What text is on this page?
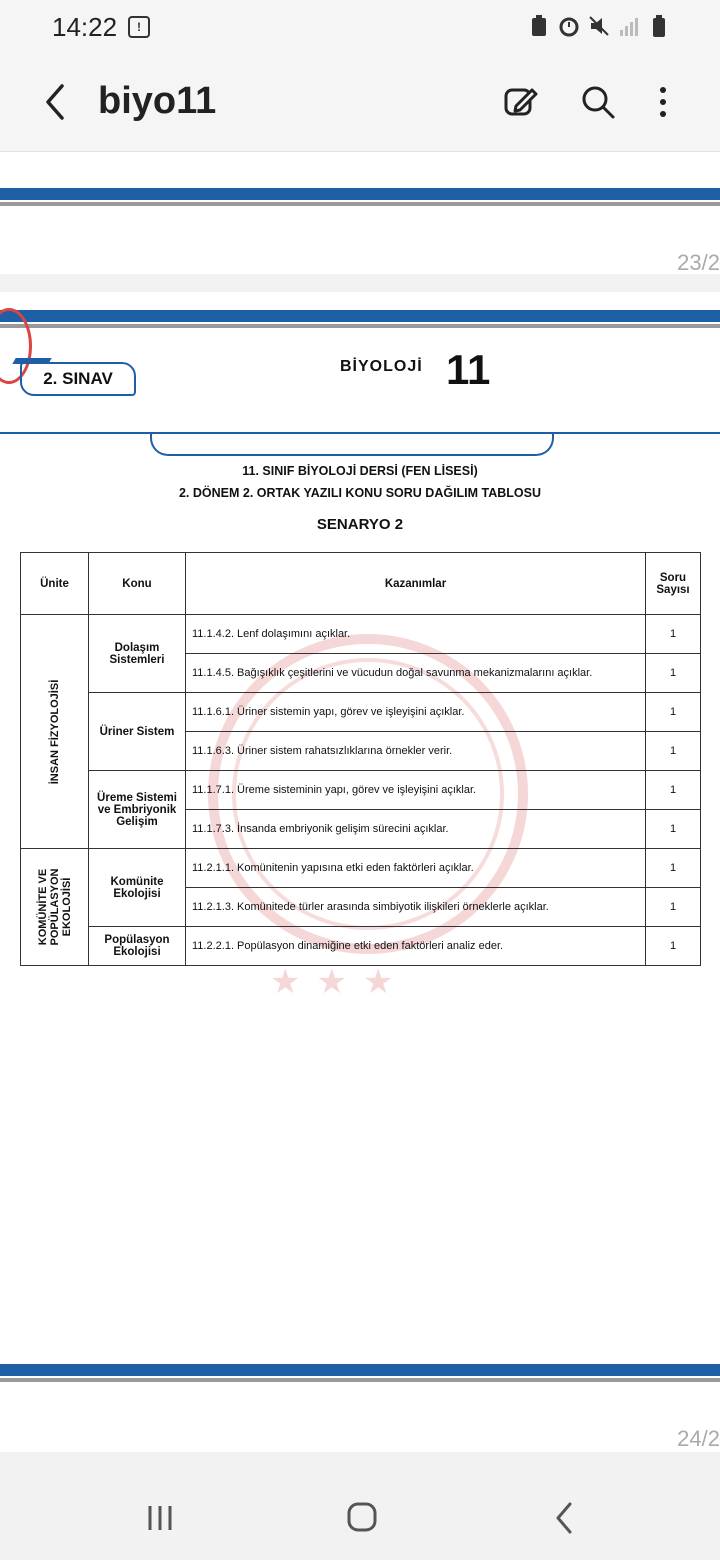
14:22	!
biyo11
23/2
★★★
2. SINAV
BİYOLOJİ 11
11. SINIF BİYOLOJİ DERSİ (FEN LİSESİ)
2. DÖNEM 2. ORTAK YAZILI KONU SORU DAĞILIM TABLOSU
SENARYO 2
Ünite	Konu	Kazanımlar	Soru Sayısı

İNSAN FİZYOLOJİSİ	Dolaşım Sistemleri	11.1.4.2. Lenf dolaşımını açıklar.	1
		11.1.4.5. Bağışıklık çeşitlerini ve vücudun doğal savunma mekanizmalarını açıklar.	1
	Üriner Sistem	11.1.6.1. Üriner sistemin yapı, görev ve işleyişini açıklar.	1
		11.1.6.3. Üriner sistem rahatsızlıklarına örnekler verir.	1
	Üreme Sistemi ve Embriyonik Gelişim	11.1.7.1. Üreme sisteminin yapı, görev ve işleyişini açıklar.	1
		11.1.7.3. İnsanda embriyonik gelişim sürecini açıklar.	1

KOMÜNİTE VE POPÜLASYON EKOLOJİSİ	Komünite Ekolojisi	11.2.1.1. Komünitenin yapısına etki eden faktörleri açıklar.	1
		11.2.1.3. Komünitede türler arasında simbiyotik ilişkileri örneklerle açıklar.	1
	Popülasyon Ekolojisi	11.2.2.1. Popülasyon dinamiğine etki eden faktörleri analiz eder.	1
24/2
